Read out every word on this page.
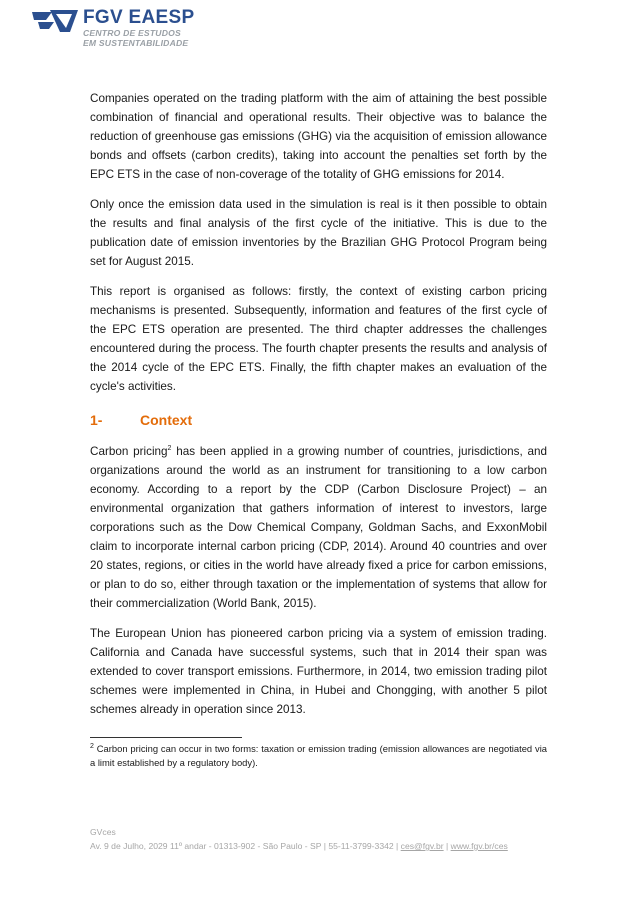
FGV EAESP
CENTRO DE ESTUDOS
EM SUSTENTABILIDADE

Companies operated on the trading platform with the aim of attaining the best possible combination of financial and operational results. Their objective was to balance the reduction of greenhouse gas emissions (GHG) via the acquisition of emission allowance bonds and offsets (carbon credits), taking into account the penalties set forth by the EPC ETS in the case of non-coverage of the totality of GHG emissions for 2014.

Only once the emission data used in the simulation is real is it then possible to obtain the results and final analysis of the first cycle of the initiative. This is due to the publication date of emission inventories by the Brazilian GHG Protocol Program being set for August 2015.

This report is organised as follows: firstly, the context of existing carbon pricing mechanisms is presented. Subsequently, information and features of the first cycle of the EPC ETS operation are presented. The third chapter addresses the challenges encountered during the process. The fourth chapter presents the results and analysis of the 2014 cycle of the EPC ETS. Finally, the fifth chapter makes an evaluation of the cycle's activities.

1-	Context

Carbon pricing$^2$ has been applied in a growing number of countries, jurisdictions, and organizations around the world as an instrument for transitioning to a low carbon economy. According to a report by the CDP (Carbon Disclosure Project) – an environmental organization that gathers information of interest to investors, large corporations such as the Dow Chemical Company, Goldman Sachs, and ExxonMobil claim to incorporate internal carbon pricing (CDP, 2014). Around 40 countries and over 20 states, regions, or cities in the world have already fixed a price for carbon emissions, or plan to do so, either through taxation or the implementation of systems that allow for their commercialization (World Bank, 2015).

The European Union has pioneered carbon pricing via a system of emission trading. California and Canada have successful systems, such that in 2014 their span was extended to cover transport emissions. Furthermore, in 2014, two emission trading pilot schemes were implemented in China, in Hubei and Chongging, with another 5 pilot schemes already in operation since 2013.

$^2$ Carbon pricing can occur in two forms: taxation or emission trading (emission allowances are negotiated via a limit established by a regulatory body).
GVces
Av. 9 de Julho, 2029 11º andar - 01313-902 - São Paulo - SP | 55-11-3799-3342 | ces@fgv.br | www.fgv.br/ces
